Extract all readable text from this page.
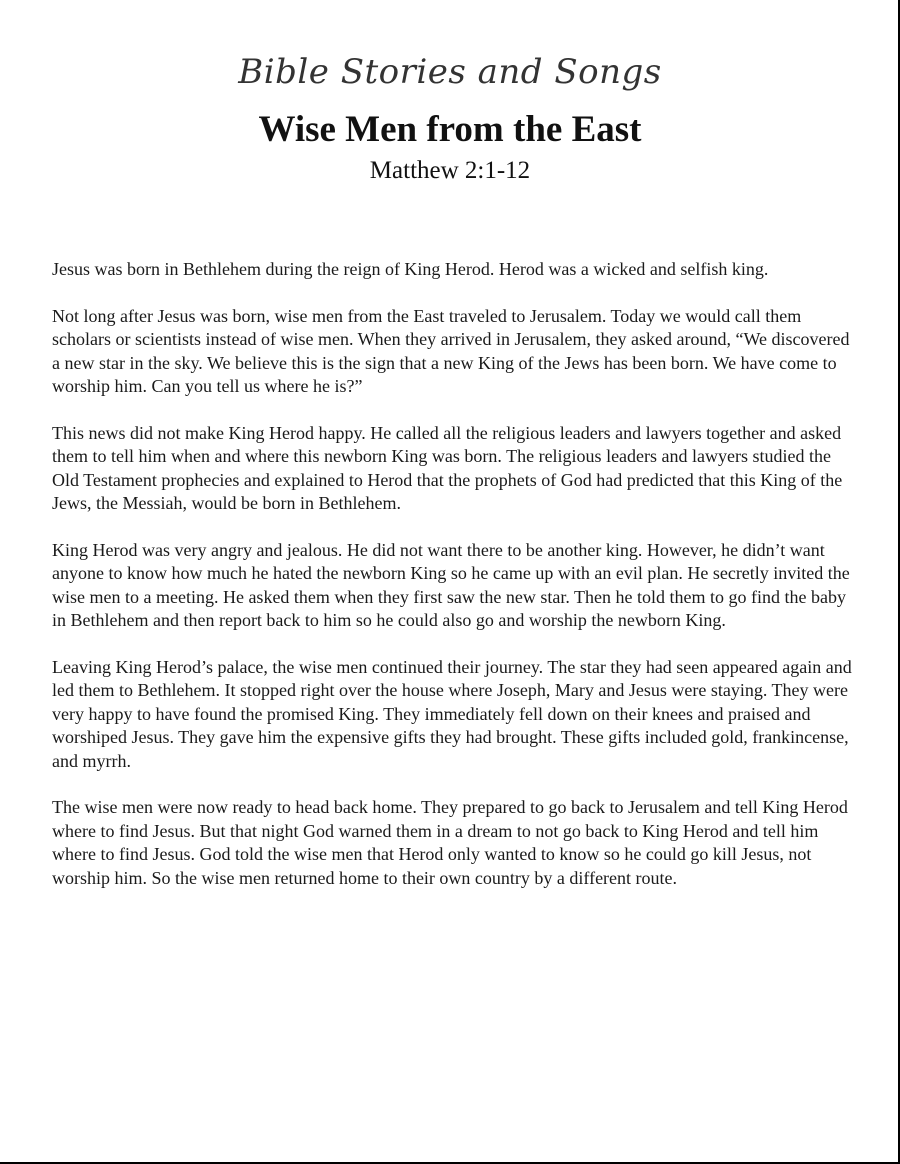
Bible Stories and Songs
Wise Men from the East
Matthew 2:1-12

Jesus was born in Bethlehem during the reign of King Herod. Herod was a wicked and selfish king.

Not long after Jesus was born, wise men from the East traveled to Jerusalem. Today we would call them scholars or scientists instead of wise men. When they arrived in Jerusalem, they asked around, “We discovered a new star in the sky. We believe this is the sign that a new King of the Jews has been born. We have come to worship him. Can you tell us where he is?”

This news did not make King Herod happy. He called all the religious leaders and lawyers together and asked them to tell him when and where this newborn King was born. The religious leaders and lawyers studied the Old Testament prophecies and explained to Herod that the prophets of God had predicted that this King of the Jews, the Messiah, would be born in Bethlehem.

King Herod was very angry and jealous. He did not want there to be another king. However, he didn’t want anyone to know how much he hated the newborn King so he came up with an evil plan. He secretly invited the wise men to a meeting. He asked them when they first saw the new star. Then he told them to go find the baby in Bethlehem and then report back to him so he could also go and worship the newborn King.

Leaving King Herod’s palace, the wise men continued their journey. The star they had seen appeared again and led them to Bethlehem. It stopped right over the house where Joseph, Mary and Jesus were staying. They were very happy to have found the promised King. They immediately fell down on their knees and praised and worshiped Jesus. They gave him the expensive gifts they had brought. These gifts included gold, frankincense, and myrrh.

The wise men were now ready to head back home. They prepared to go back to Jerusalem and tell King Herod where to find Jesus. But that night God warned them in a dream to not go back to King Herod and tell him where to find Jesus. God told the wise men that Herod only wanted to know so he could go kill Jesus, not worship him. So the wise men returned home to their own country by a different route.
